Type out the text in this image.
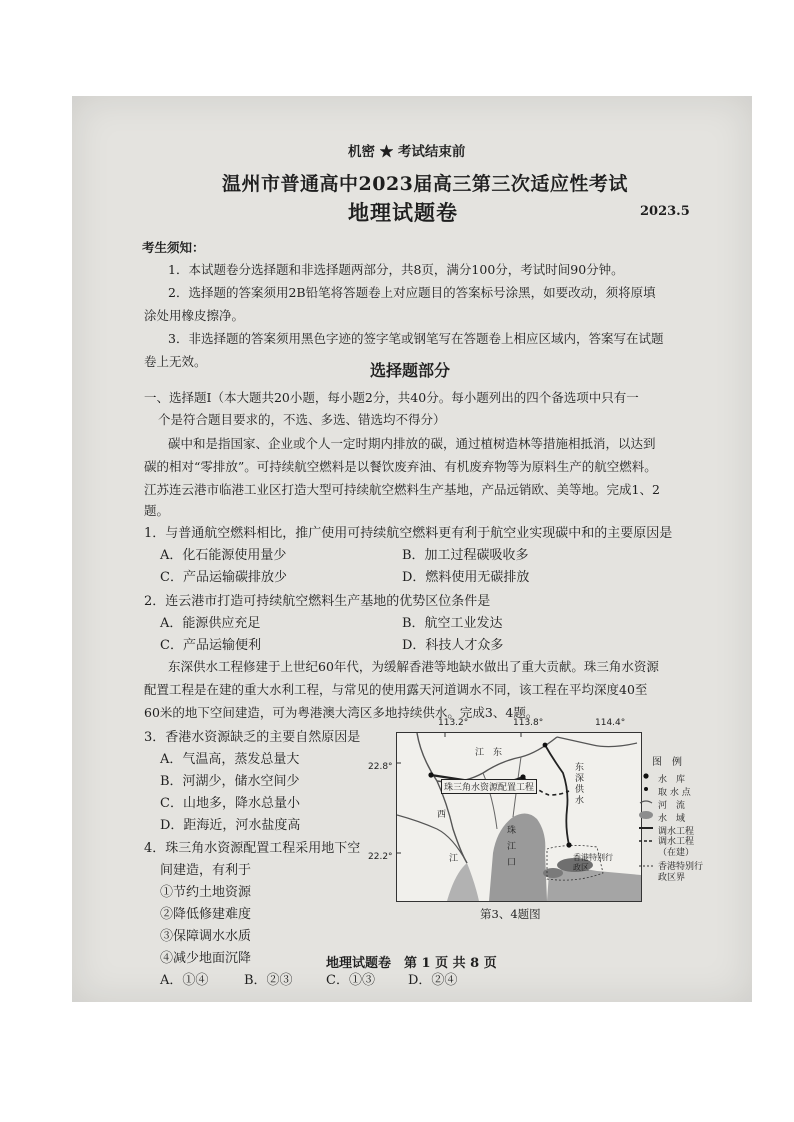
机密 ★ 考试结束前
温州市普通高中2023届高三第三次适应性考试
地理试题卷	2023.5
考生须知：
1．本试题卷分选择题和非选择题两部分，共8页，满分100分，考试时间90分钟。
2．选择题的答案须用2B铅笔将答题卷上对应题目的答案标号涂黑，如要改动，须将原填
涂处用橡皮擦净。
3．非选择题的答案须用黑色字迹的签字笔或钢笔写在答题卷上相应区域内，答案写在试题
卷上无效。	选择题部分
一、选择题Ⅰ（本大题共20小题，每小题2分，共40分。每小题列出的四个备选项中只有一
个是符合题目要求的，不选、多选、错选均不得分）
碳中和是指国家、企业或个人一定时期内排放的碳，通过植树造林等措施相抵消，以达到
碳的相对“零排放”。可持续航空燃料是以餐饮废弃油、有机废弃物等为原料生产的航空燃料。
江苏连云港市临港工业区打造大型可持续航空燃料生产基地，产品远销欧、美等地。完成1、2
题。
1．与普通航空燃料相比，推广使用可持续航空燃料更有利于航空业实现碳中和的主要原因是
A．化石能源使用量少	B．加工过程碳吸收多
C．产品运输碳排放少	D．燃料使用无碳排放
2．连云港市打造可持续航空燃料生产基地的优势区位条件是
A．能源供应充足	B．航空工业发达
C．产品运输便利	D．科技人才众多
东深供水工程修建于上世纪60年代，为缓解香港等地缺水做出了重大贡献。珠三角水资源
配置工程是在建的重大水利工程，与常见的使用露天河道调水不同，该工程在平均深度40至
60米的地下空间建造，可为粤港澳大湾区多地持续供水。完成3、4题。
3．香港水资源缺乏的主要自然原因是
A．气温高，蒸发总量大
B．河湖少，储水空间少
C．山地多，降水总量小
D．距海近，河水盐度高
4．珠三角水资源配置工程采用地下空
间建造，有利于
①节约土地资源
②降低修建难度
③保障调水水质
④减少地面沉降
A．①④	B．②③	C．①③	D．②④
113.2°	113.8°	114.4°
22.8°
22.2°
江 东
东深供水
珠三角水资源配置工程
西
江
珠
江
口
香港特别行政区
图　例
水　库
取 水 点
河　流
水　域
调水工程
调水工程（在建）
香港特别行政区界
第3、4题图
地理试题卷　第 1 页 共 8 页
